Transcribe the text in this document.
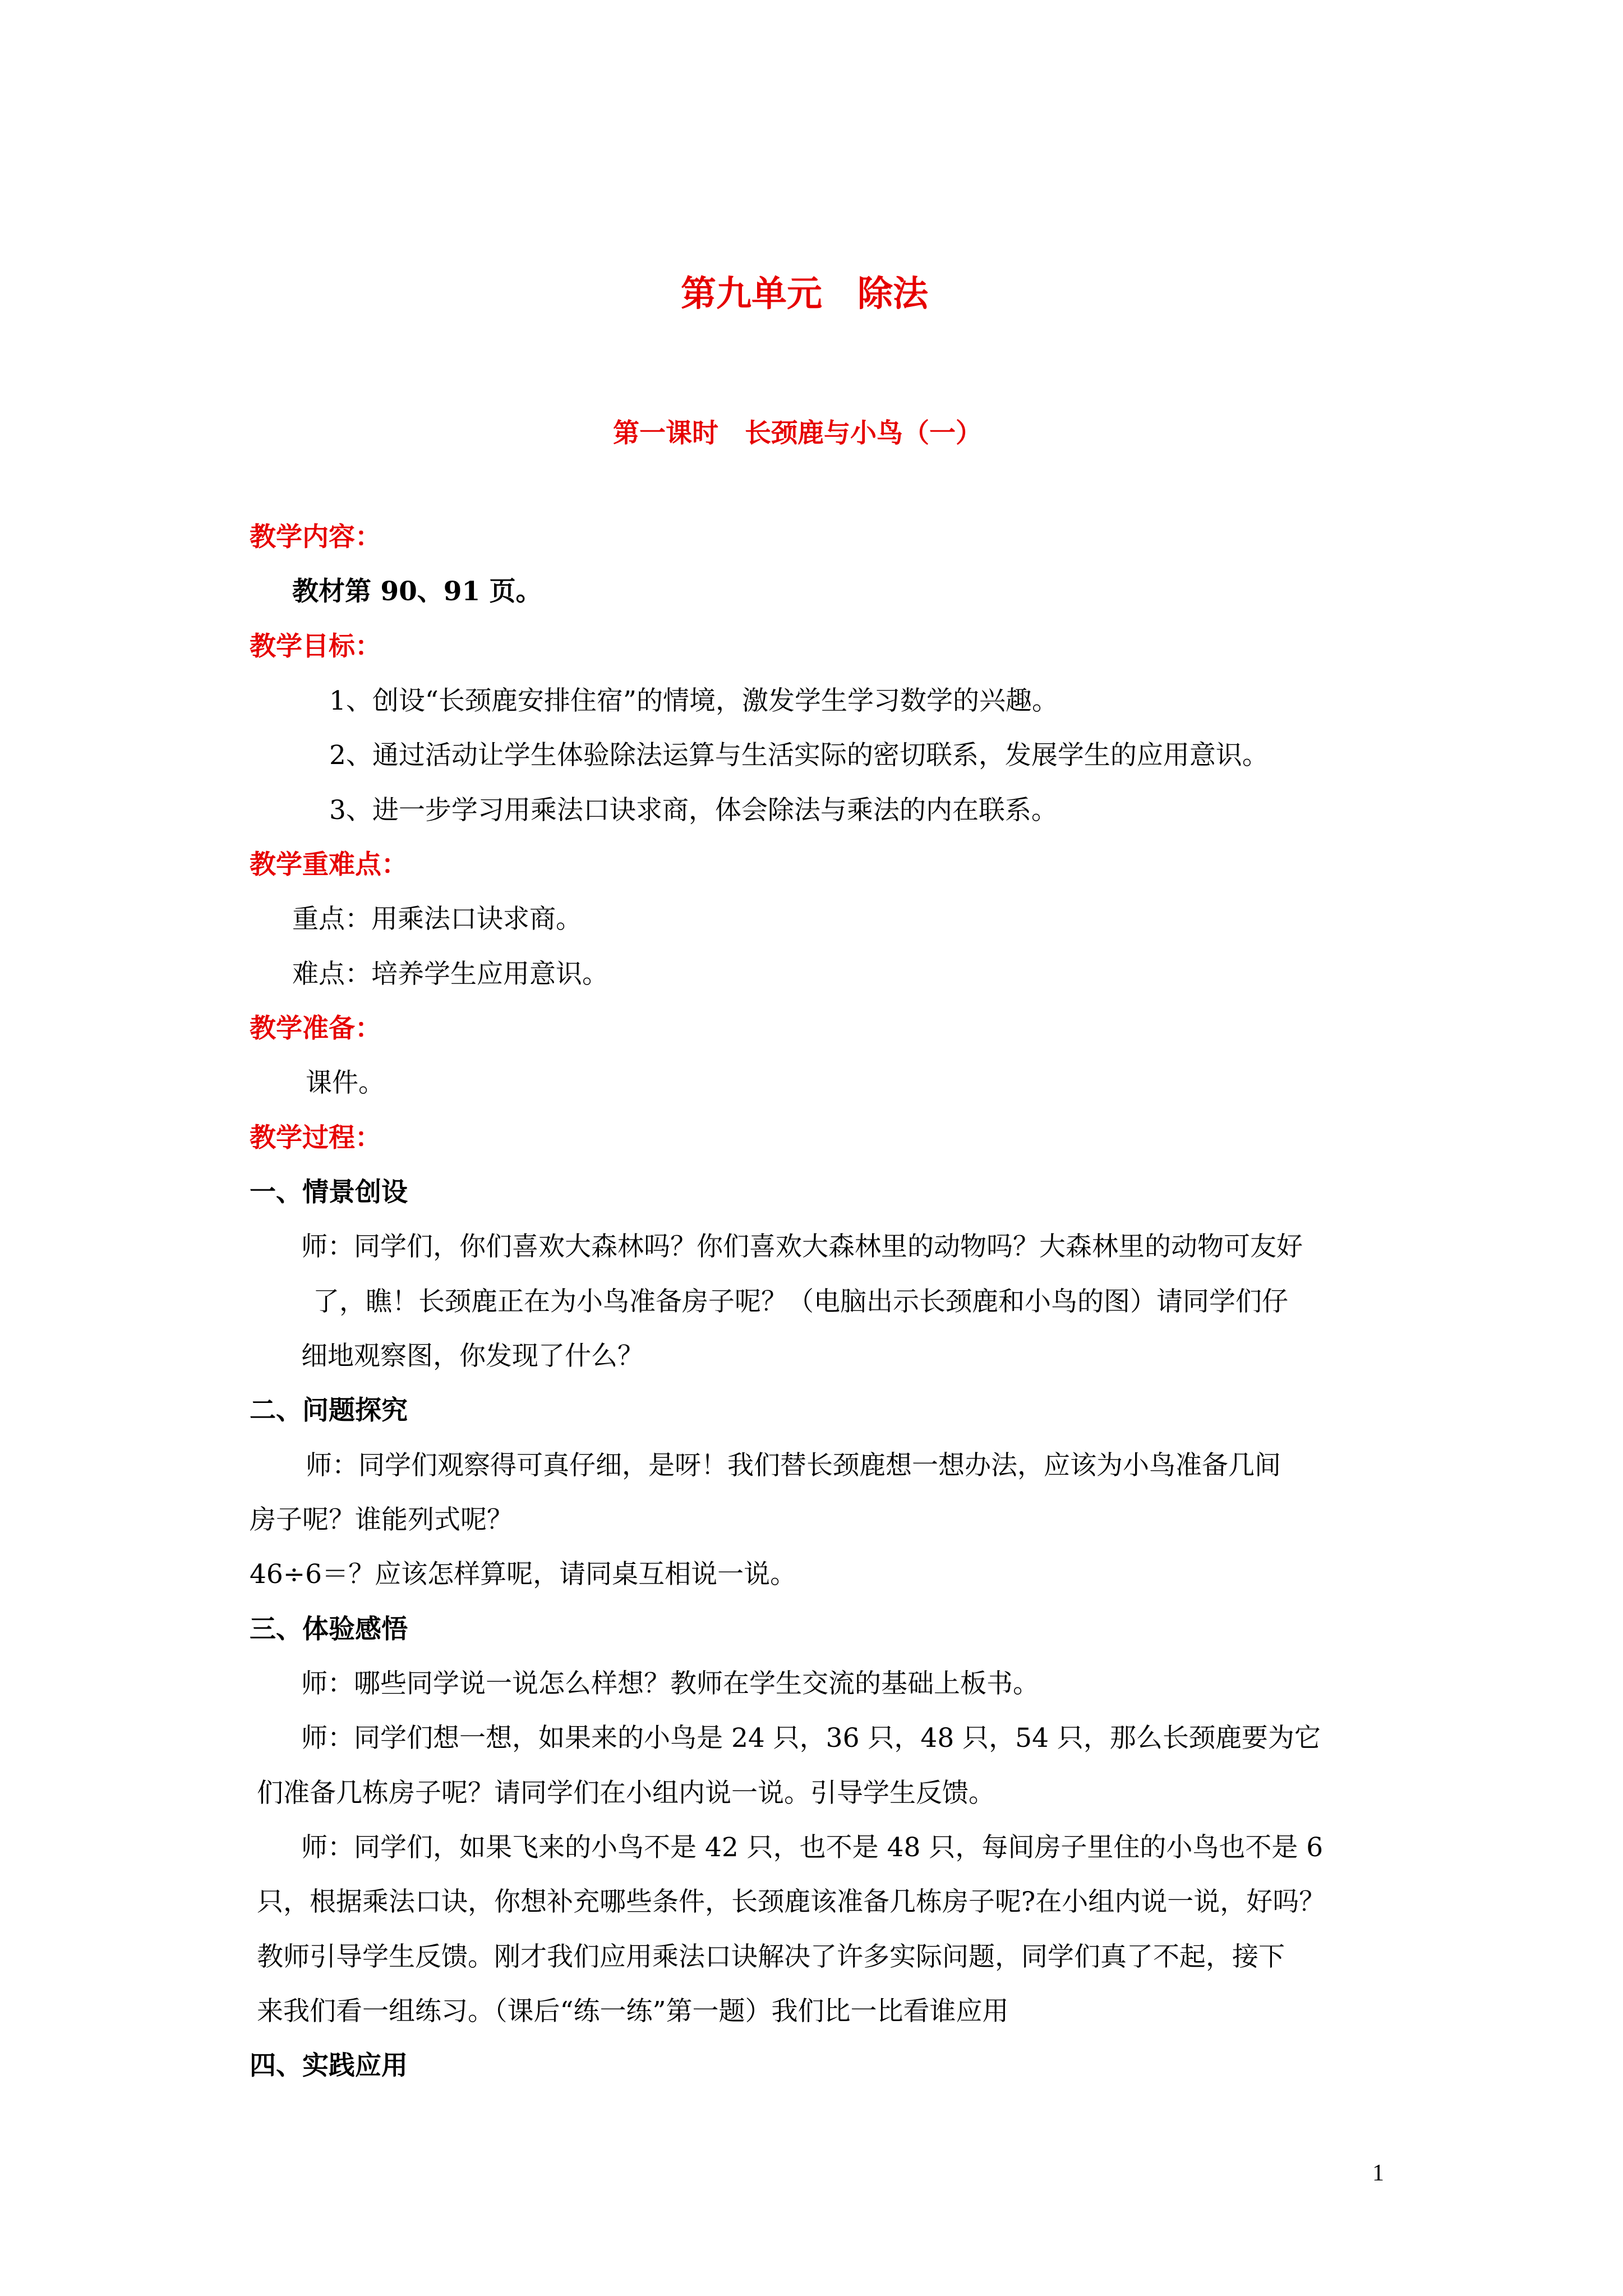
第九单元　除法
第一课时　长颈鹿与小鸟（一）
教学内容：
教材第 90、91 页。
教学目标：
1、创设“长颈鹿安排住宿”的情境，激发学生学习数学的兴趣。
2、通过活动让学生体验除法运算与生活实际的密切联系，发展学生的应用意识。
3、进一步学习用乘法口诀求商，体会除法与乘法的内在联系。
教学重难点：
重点：用乘法口诀求商。
难点：培养学生应用意识。
教学准备：
课件。
教学过程：
一、情景创设
师：同学们，你们喜欢大森林吗？你们喜欢大森林里的动物吗？大森林里的动物可友好
了，瞧！长颈鹿正在为小鸟准备房子呢？（电脑出示长颈鹿和小鸟的图）请同学们仔
细地观察图，你发现了什么？
二、问题探究
师：同学们观察得可真仔细，是呀！我们替长颈鹿想一想办法，应该为小鸟准备几间
房子呢？谁能列式呢？
46÷6＝？应该怎样算呢，请同桌互相说一说。
三、体验感悟
师：哪些同学说一说怎么样想？教师在学生交流的基础上板书。
师：同学们想一想，如果来的小鸟是 24 只，36 只，48 只，54 只，那么长颈鹿要为它
们准备几栋房子呢？请同学们在小组内说一说。引导学生反馈。
师：同学们，如果飞来的小鸟不是 42 只，也不是 48 只，每间房子里住的小鸟也不是 6
只，根据乘法口诀，你想补充哪些条件，长颈鹿该准备几栋房子呢?在小组内说一说，好吗？
教师引导学生反馈。刚才我们应用乘法口诀解决了许多实际问题，同学们真了不起，接下
来我们看一组练习。（课后“练一练”第一题）我们比一比看谁应用
四、实践应用
1
